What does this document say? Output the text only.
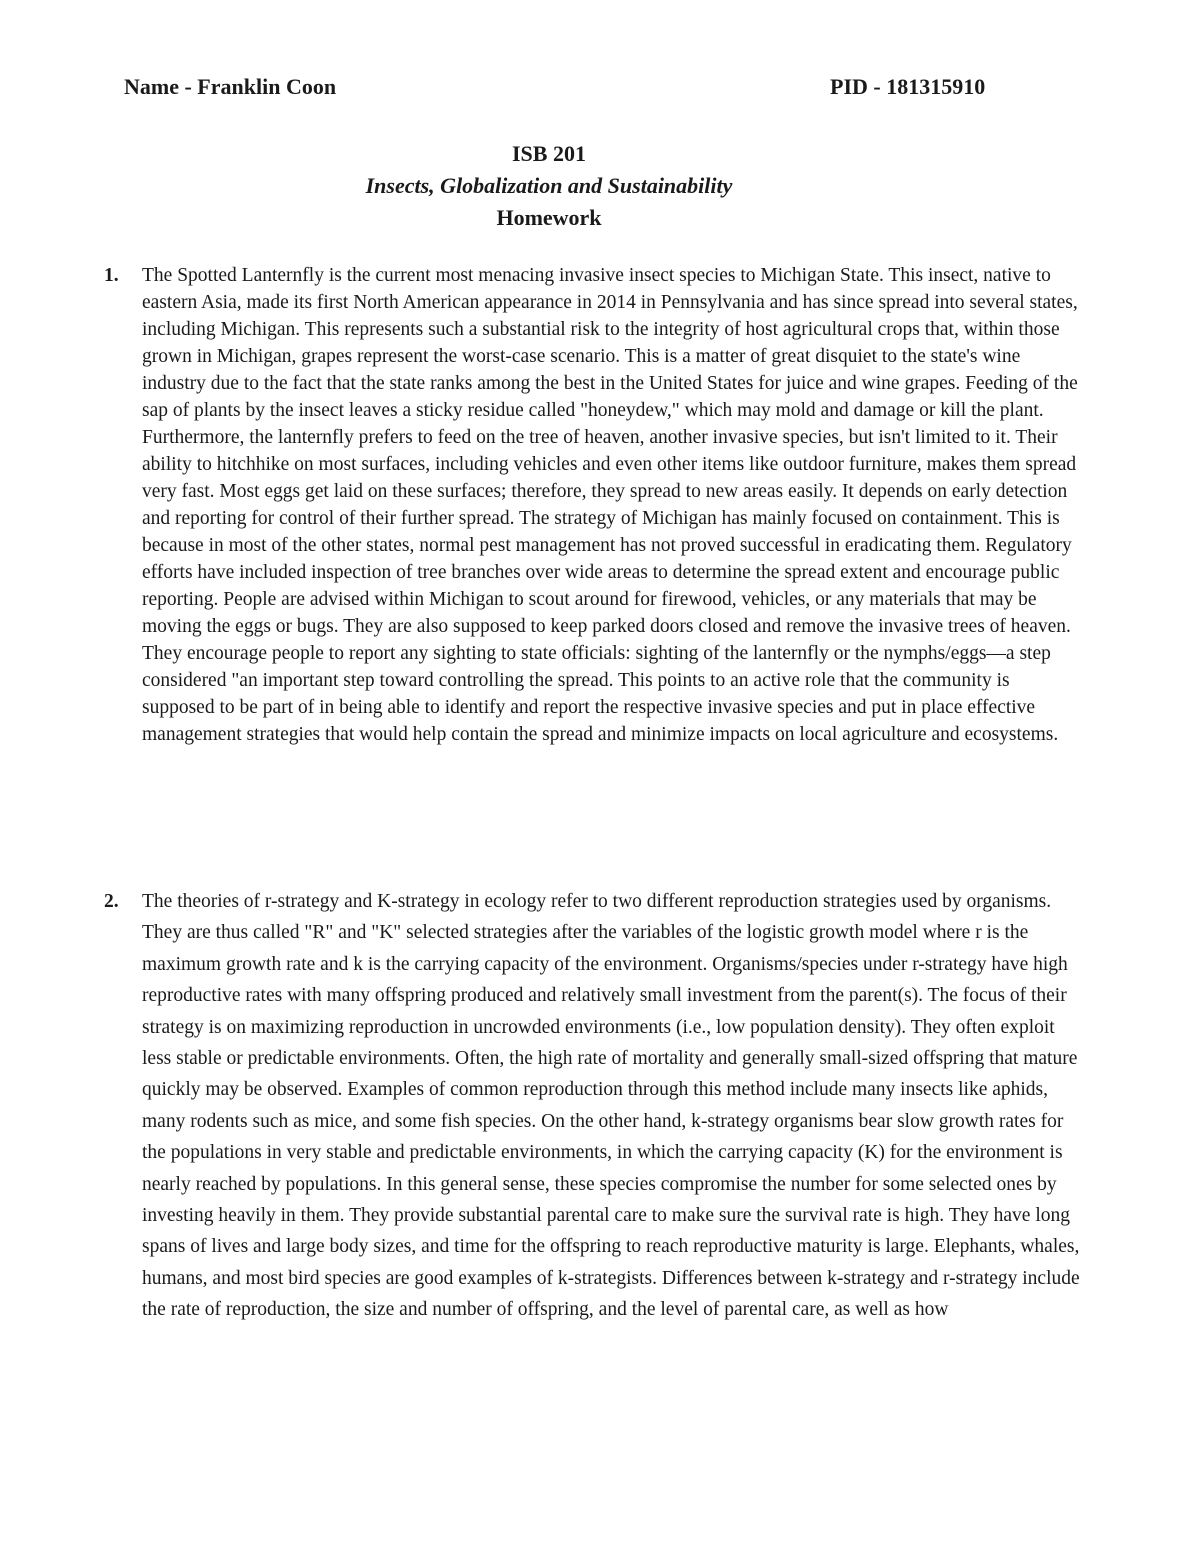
Name - Franklin Coon	PID - 181315910
ISB 201
Insects, Globalization and Sustainability
Homework
1. The Spotted Lanternfly is the current most menacing invasive insect species to Michigan State. This insect, native to eastern Asia, made its first North American appearance in 2014 in Pennsylvania and has since spread into several states, including Michigan. This represents such a substantial risk to the integrity of host agricultural crops that, within those grown in Michigan, grapes represent the worst-case scenario. This is a matter of great disquiet to the state's wine industry due to the fact that the state ranks among the best in the United States for juice and wine grapes. Feeding of the sap of plants by the insect leaves a sticky residue called "honeydew," which may mold and damage or kill the plant. Furthermore, the lanternfly prefers to feed on the tree of heaven, another invasive species, but isn't limited to it. Their ability to hitchhike on most surfaces, including vehicles and even other items like outdoor furniture, makes them spread very fast. Most eggs get laid on these surfaces; therefore, they spread to new areas easily. It depends on early detection and reporting for control of their further spread. The strategy of Michigan has mainly focused on containment. This is because in most of the other states, normal pest management has not proved successful in eradicating them. Regulatory efforts have included inspection of tree branches over wide areas to determine the spread extent and encourage public reporting. People are advised within Michigan to scout around for firewood, vehicles, or any materials that may be moving the eggs or bugs. They are also supposed to keep parked doors closed and remove the invasive trees of heaven. They encourage people to report any sighting to state officials: sighting of the lanternfly or the nymphs/eggs—a step considered "an important step toward controlling the spread. This points to an active role that the community is supposed to be part of in being able to identify and report the respective invasive species and put in place effective management strategies that would help contain the spread and minimize impacts on local agriculture and ecosystems.
2. The theories of r-strategy and K-strategy in ecology refer to two different reproduction strategies used by organisms. They are thus called "R" and "K" selected strategies after the variables of the logistic growth model where r is the maximum growth rate and k is the carrying capacity of the environment. Organisms/species under r-strategy have high reproductive rates with many offspring produced and relatively small investment from the parent(s). The focus of their strategy is on maximizing reproduction in uncrowded environments (i.e., low population density). They often exploit less stable or predictable environments. Often, the high rate of mortality and generally small-sized offspring that mature quickly may be observed. Examples of common reproduction through this method include many insects like aphids, many rodents such as mice, and some fish species. On the other hand, k-strategy organisms bear slow growth rates for the populations in very stable and predictable environments, in which the carrying capacity (K) for the environment is nearly reached by populations. In this general sense, these species compromise the number for some selected ones by investing heavily in them. They provide substantial parental care to make sure the survival rate is high. They have long spans of lives and large body sizes, and time for the offspring to reach reproductive maturity is large. Elephants, whales, humans, and most bird species are good examples of k-strategists. Differences between k-strategy and r-strategy include the rate of reproduction, the size and number of offspring, and the level of parental care, as well as how
